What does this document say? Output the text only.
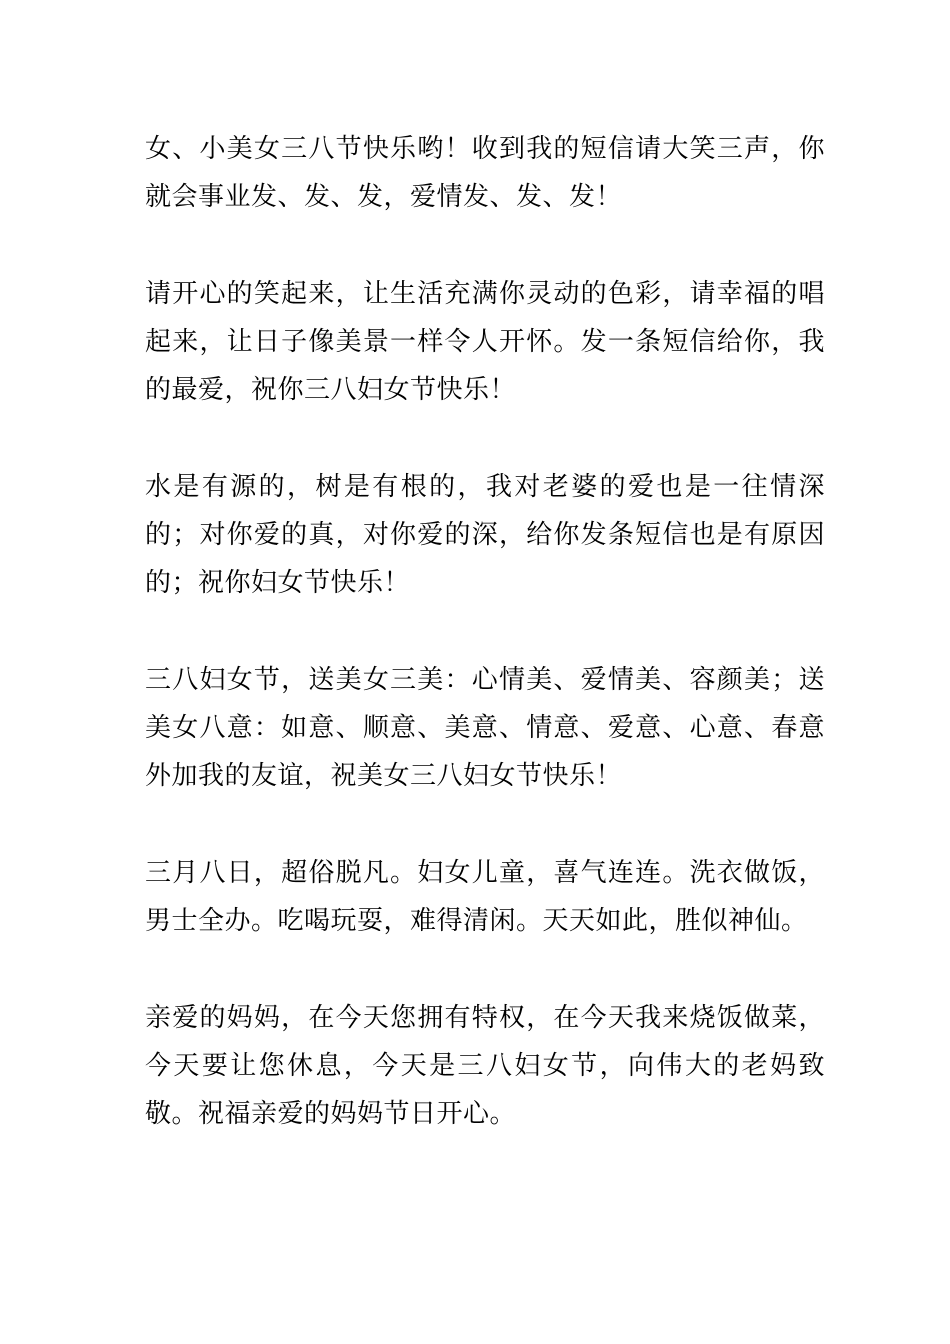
女、小美女三八节快乐哟！收到我的短信请大笑三声，你就会事业发、发、发，爱情发、发、发！

请开心的笑起来，让生活充满你灵动的色彩，请幸福的唱起来，让日子像美景一样令人开怀。发一条短信给你，我的最爱，祝你三八妇女节快乐！

水是有源的，树是有根的，我对老婆的爱也是一往情深的；对你爱的真，对你爱的深，给你发条短信也是有原因的；祝你妇女节快乐！

三八妇女节，送美女三美：心情美、爱情美、容颜美；送美女八意：如意、顺意、美意、情意、爱意、心意、春意外加我的友谊，祝美女三八妇女节快乐！

三月八日，超俗脱凡。妇女儿童，喜气连连。洗衣做饭，男士全办。吃喝玩耍，难得清闲。天天如此，胜似神仙。

亲爱的妈妈，在今天您拥有特权，在今天我来烧饭做菜，今天要让您休息，今天是三八妇女节，向伟大的老妈致敬。祝福亲爱的妈妈节日开心。
